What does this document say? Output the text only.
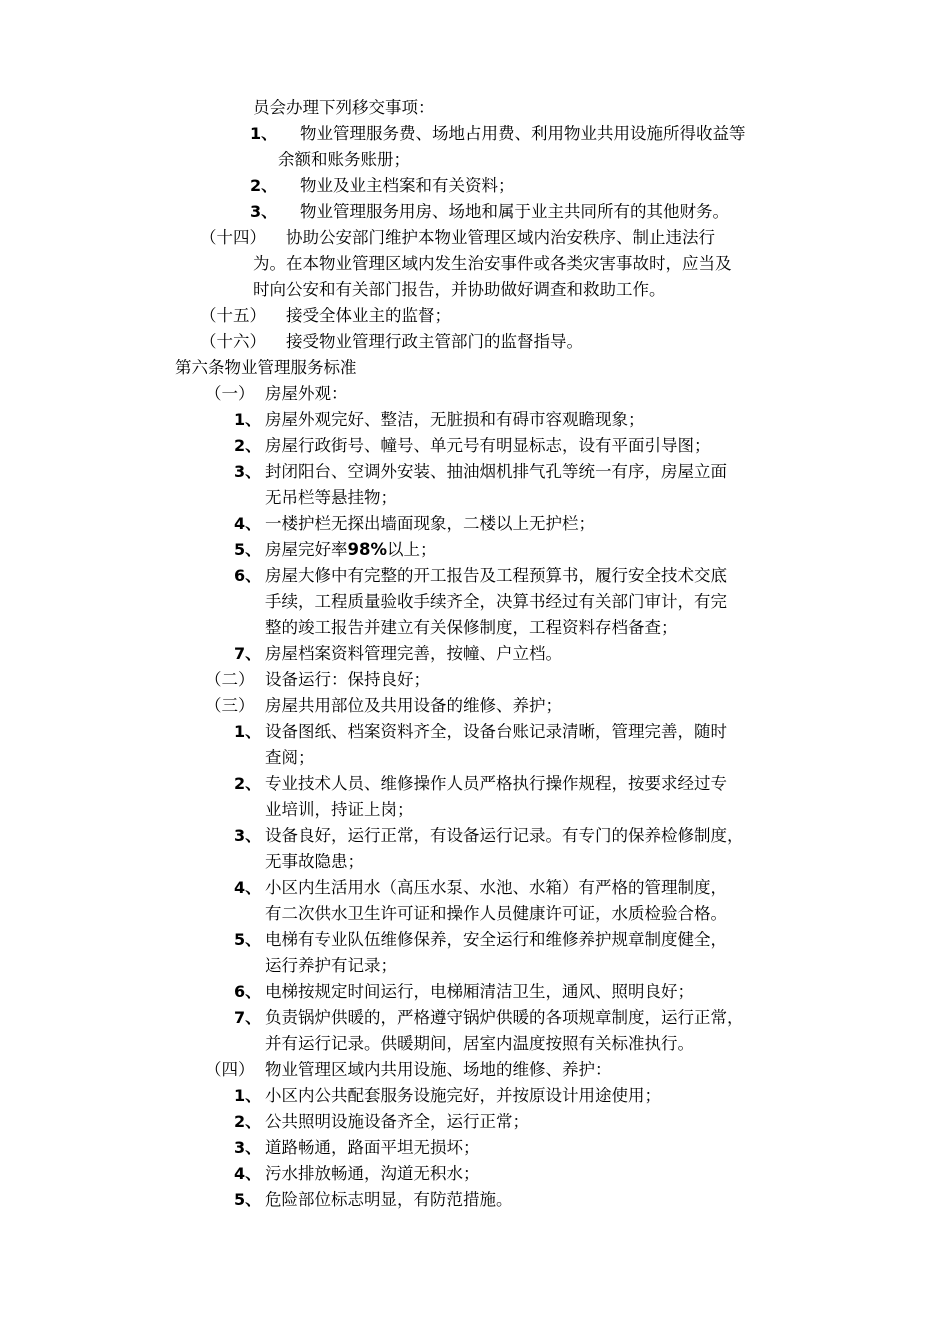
员会办理下列移交事项：
1、 物业管理服务费、场地占用费、利用物业共用设施所得收益等
余额和账务账册；
2、 物业及业主档案和有关资料；
3、 物业管理服务用房、场地和属于业主共同所有的其他财务。
（十四） 协助公安部门维护本物业管理区域内治安秩序、制止违法行
为。在本物业管理区域内发生治安事件或各类灾害事故时，应当及
时向公安和有关部门报告，并协助做好调查和救助工作。
（十五） 接受全体业主的监督；
（十六） 接受物业管理行政主管部门的监督指导。
第六条物业管理服务标准
（一） 房屋外观：
1、 房屋外观完好、整洁，无脏损和有碍市容观瞻现象；
2、 房屋行政街号、幢号、单元号有明显标志，设有平面引导图；
3、 封闭阳台、空调外安装、抽油烟机排气孔等统一有序，房屋立面
无吊栏等悬挂物；
4、 一楼护栏无探出墙面现象，二楼以上无护栏；
5、 房屋完好率98%以上；
6、 房屋大修中有完整的开工报告及工程预算书，履行安全技术交底
手续，工程质量验收手续齐全，决算书经过有关部门审计，有完
整的竣工报告并建立有关保修制度，工程资料存档备查；
7、 房屋档案资料管理完善，按幢、户立档。
（二） 设备运行：保持良好；
（三） 房屋共用部位及共用设备的维修、养护；
1、 设备图纸、档案资料齐全，设备台账记录清晰，管理完善，随时
查阅；
2、 专业技术人员、维修操作人员严格执行操作规程，按要求经过专
业培训，持证上岗；
3、 设备良好，运行正常，有设备运行记录。有专门的保养检修制度，
无事故隐患；
4、 小区内生活用水（高压水泵、水池、水箱）有严格的管理制度，
有二次供水卫生许可证和操作人员健康许可证，水质检验合格。
5、 电梯有专业队伍维修保养，安全运行和维修养护规章制度健全，
运行养护有记录；
6、 电梯按规定时间运行，电梯厢清洁卫生，通风、照明良好；
7、 负责锅炉供暖的，严格遵守锅炉供暖的各项规章制度，运行正常，
并有运行记录。供暖期间，居室内温度按照有关标准执行。
（四） 物业管理区域内共用设施、场地的维修、养护：
1、 小区内公共配套服务设施完好，并按原设计用途使用；
2、 公共照明设施设备齐全，运行正常；
3、 道路畅通，路面平坦无损坏；
4、 污水排放畅通，沟道无积水；
5、 危险部位标志明显，有防范措施。
